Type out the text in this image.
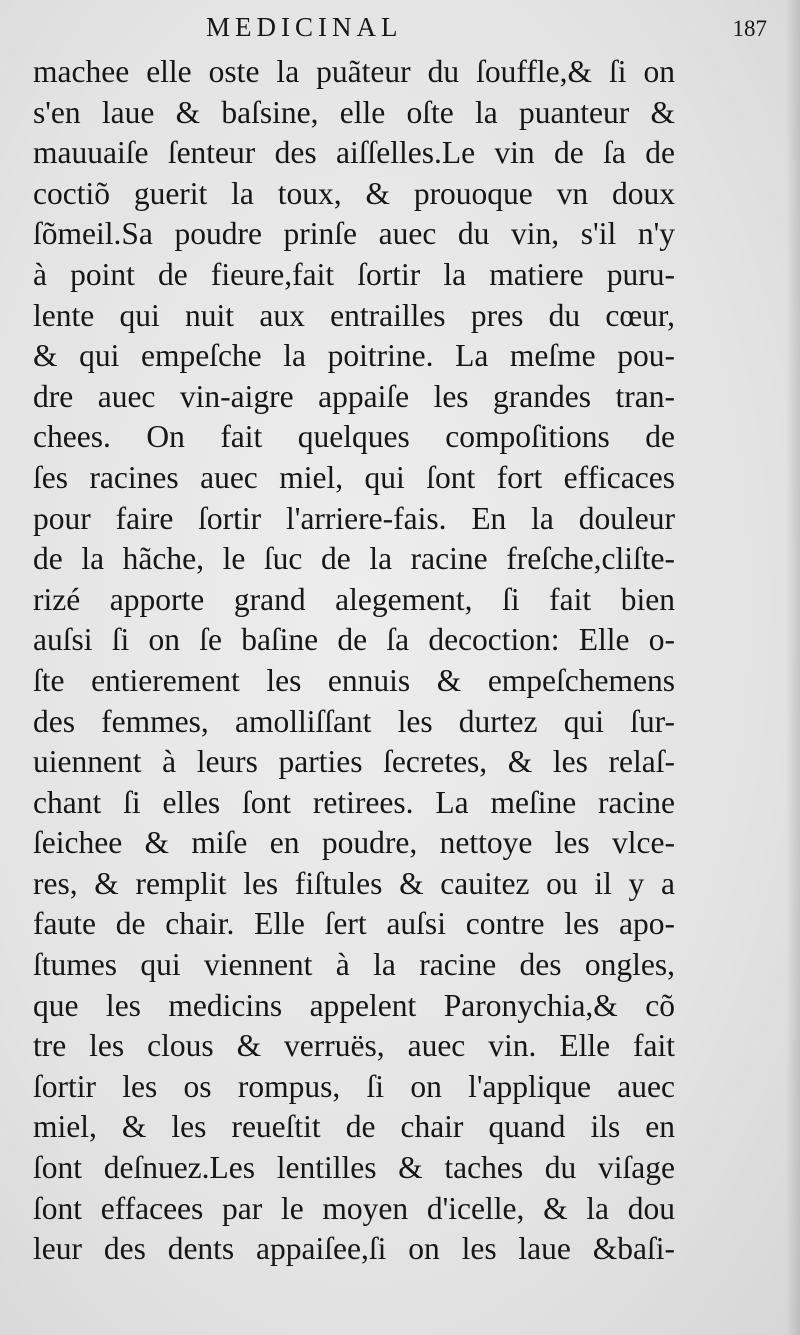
MEDICINAL	187
machee elle oste la puãteur du ſouffle,& ſi on
s'en laue & baſsine, elle oſte la puanteur &
mauuaiſe ſenteur des aiſſelles.Le vin de ſa de
coctiõ guerit la toux, & prouoque vn doux
ſõmeil.Sa poudre prinſe auec du vin, s'il n'y
à point de fieure,fait ſortir la matiere puru-
lente qui nuit aux entrailles pres du cœur,
& qui empeſche la poitrine. La meſme pou-
dre auec vin-aigre appaiſe les grandes tran-
chees. On fait quelques compoſitions de
ſes racines auec miel, qui ſont fort efficaces
pour faire ſortir l'arriere-fais. En la douleur
de la hãche, le ſuc de la racine freſche,cliſte-
rizé apporte grand alegement, ſi fait bien
auſsi ſi on ſe baſine de ſa decoction: Elle o-
ſte entierement les ennuis & empeſchemens
des femmes, amolliſſant les durtez qui ſur-
uiennent à leurs parties ſecretes, & les relaſ-
chant ſi elles ſont retirees. La meſine racine
ſeichee & miſe en poudre, nettoye les vlce-
res, & remplit les fiſtules & cauitez ou il y a
faute de chair. Elle ſert auſsi contre les apo-
ſtumes qui viennent à la racine des ongles,
que les medicins appelent Paronychia,& cõ
tre les clous & verruës, auec vin. Elle fait
ſortir les os rompus, ſi on l'applique auec
miel, & les reueſtit de chair quand ils en
ſont deſnuez.Les lentilles & taches du viſage
ſont effacees par le moyen d'icelle, & la dou
leur des dents appaiſee,ſi on les laue &baſi-
